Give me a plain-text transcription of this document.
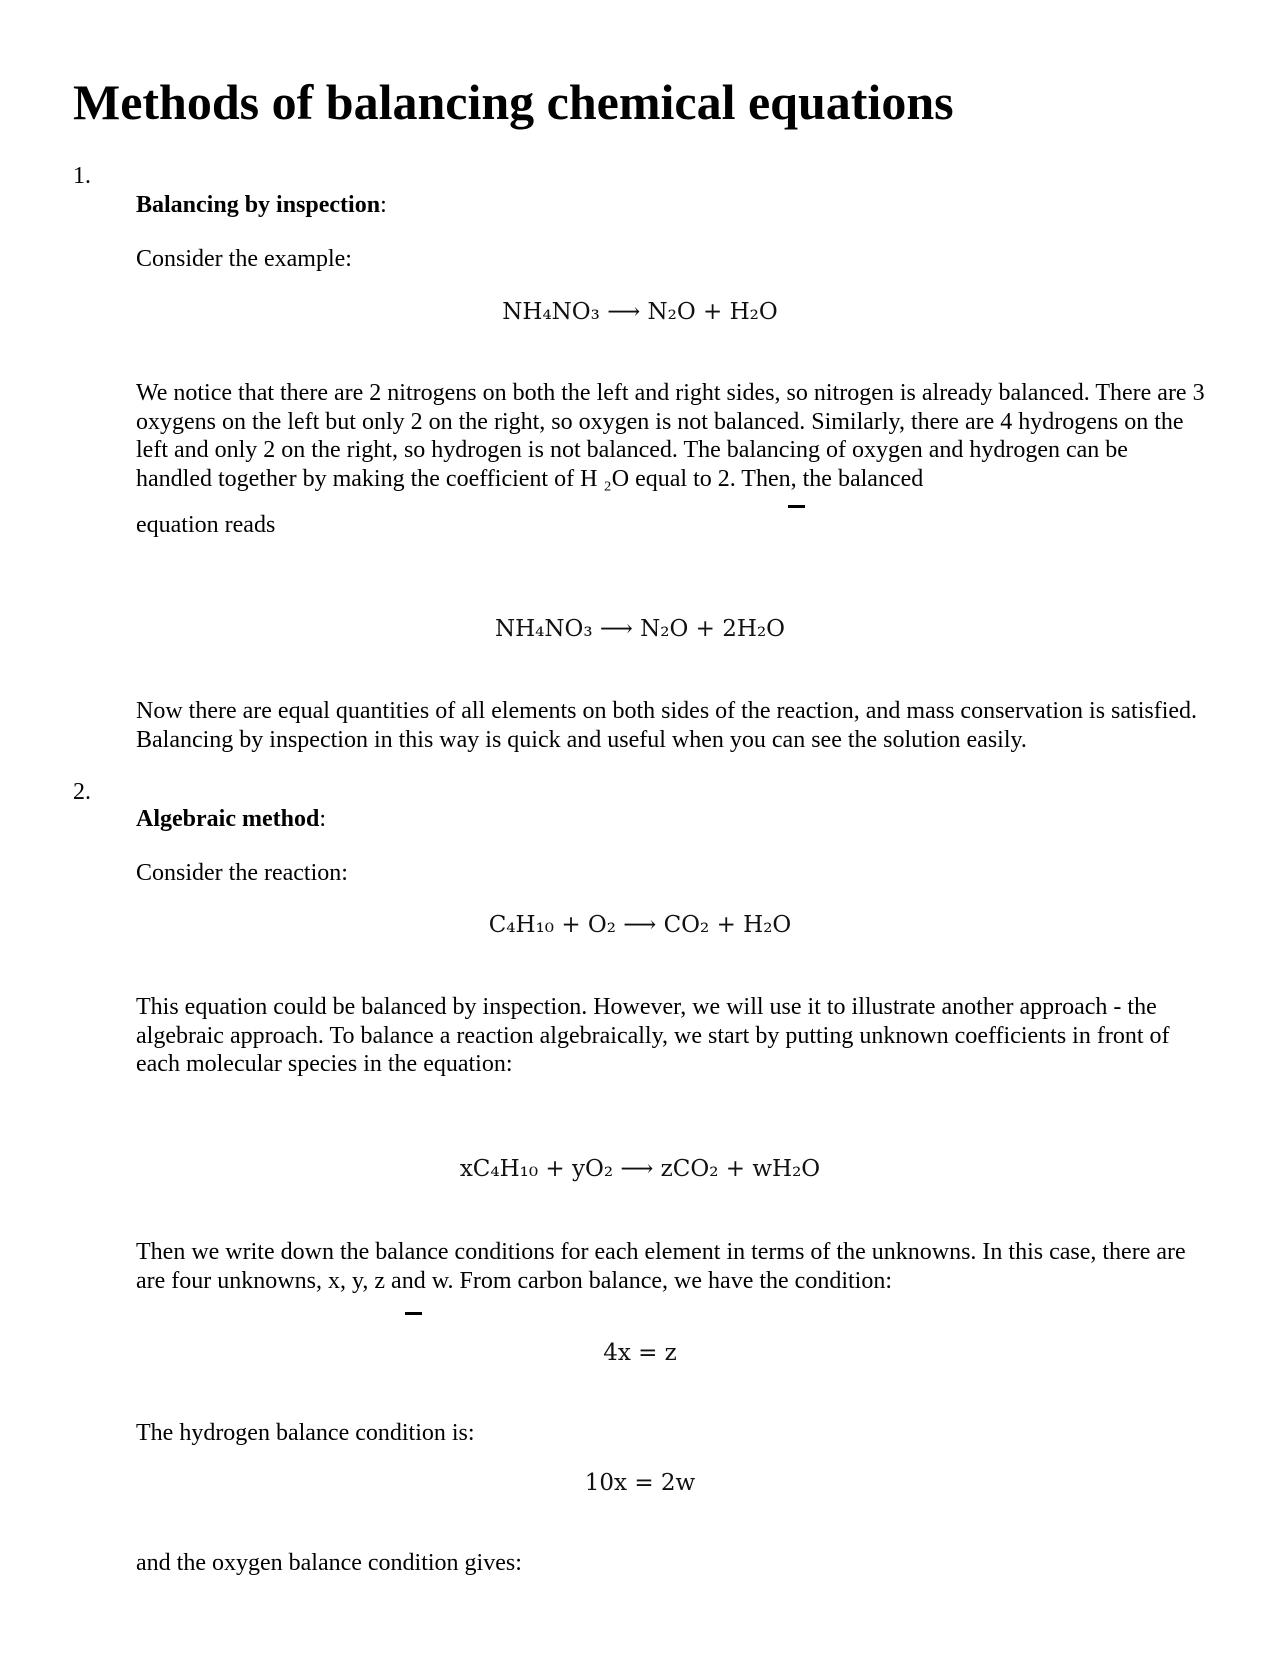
Methods of balancing chemical equations
1.
Balancing by inspection:
Consider the example:
NH₄NO₃ ⟶ N₂O + H₂O
We notice that there are 2 nitrogens on both the left and right sides, so nitrogen is already balanced. There are 3 oxygens on the left but only 2 on the right, so oxygen is not balanced. Similarly, there are 4 hydrogens on the left and only 2 on the right, so hydrogen is not balanced. The balancing of oxygen and hydrogen can be handled together by making the coefficient of H ₂O equal to 2. Then, the balanced
equation reads
NH₄NO₃ ⟶ N₂O + 2H₂O
Now there are equal quantities of all elements on both sides of the reaction, and mass conservation is satisfied. Balancing by inspection in this way is quick and useful when you can see the solution easily.
2.
Algebraic method:
Consider the reaction:
C₄H₁₀ + O₂ ⟶ CO₂ + H₂O
This equation could be balanced by inspection. However, we will use it to illustrate another approach - the algebraic approach. To balance a reaction algebraically, we start by putting unknown coefficients in front of each molecular species in the equation:
xC₄H₁₀ + yO₂ ⟶ zCO₂ + wH₂O
Then we write down the balance conditions for each element in terms of the unknowns. In this case, there are are four unknowns, x, y, z and w. From carbon balance, we have the condition:
4x = z
The hydrogen balance condition is:
10x = 2w
and the oxygen balance condition gives:
